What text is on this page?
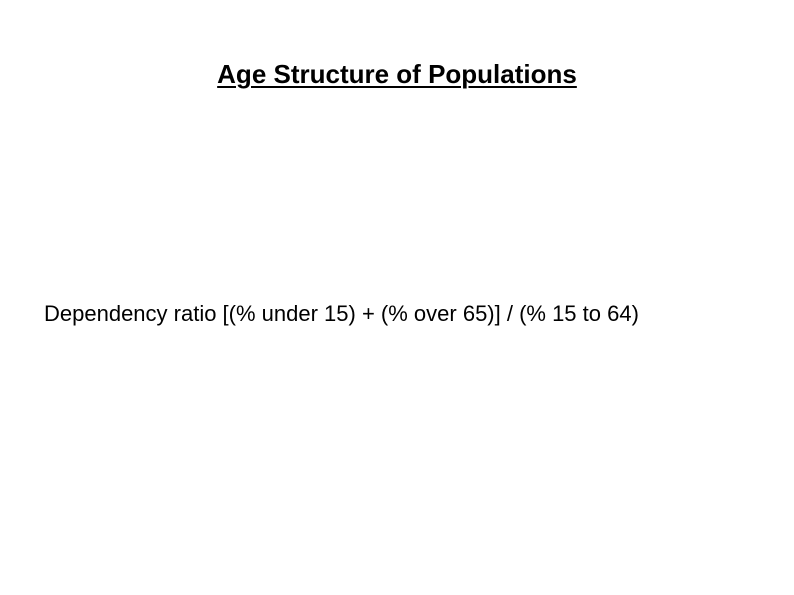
Age Structure of Populations
Dependency ratio [(% under 15) + (% over 65)] / (% 15 to 64)
